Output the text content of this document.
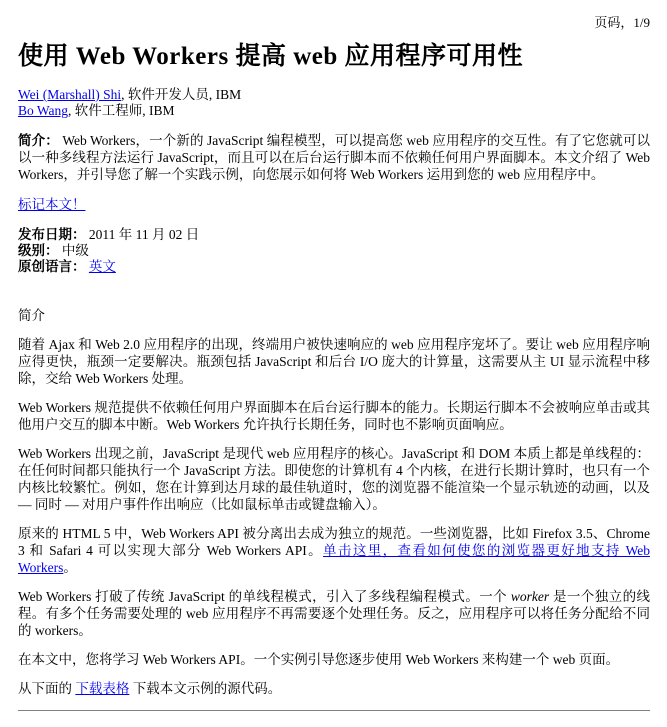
页码，1/9
使用 Web Workers 提高 web 应用程序可用性
Wei (Marshall) Shi, 软件开发人员, IBM
Bo Wang, 软件工程师, IBM
简介： Web Workers，一个新的 JavaScript 编程模型，可以提高您 web 应用程序的交互性。有了它您就可以以一种多线程方法运行 JavaScript，而且可以在后台运行脚本而不依赖任何用户界面脚本。本文介绍了 Web Workers，并引导您了解一个实践示例，向您展示如何将 Web Workers 运用到您的 web 应用程序中。
标记本文！
发布日期： 2011 年 11 月 02 日
级别： 中级
原创语言： 英文
简介

随着 Ajax 和 Web 2.0 应用程序的出现，终端用户被快速响应的 web 应用程序宠坏了。要让 web 应用程序响应得更快，瓶颈一定要解决。瓶颈包括 JavaScript 和后台 I/O 庞大的计算量，这需要从主 UI 显示流程中移除，交给 Web Workers 处理。

Web Workers 规范提供不依赖任何用户界面脚本在后台运行脚本的能力。长期运行脚本不会被响应单击或其他用户交互的脚本中断。Web Workers 允许执行长期任务，同时也不影响页面响应。

Web Workers 出现之前，JavaScript 是现代 web 应用程序的核心。JavaScript 和 DOM 本质上都是单线程的：在任何时间都只能执行一个 JavaScript 方法。即使您的计算机有 4 个内核，在进行长期计算时，也只有一个内核比较繁忙。例如，您在计算到达月球的最佳轨道时，您的浏览器不能渲染一个显示轨迹的动画，以及 — 同时 — 对用户事件作出响应（比如鼠标单击或键盘输入）。

原来的 HTML 5 中，Web Workers API 被分离出去成为独立的规范。一些浏览器，比如 Firefox 3.5、Chrome 3 和 Safari 4 可以实现大部分 Web Workers API。单击这里，查看如何使您的浏览器更好地支持 Web Workers。

Web Workers 打破了传统 JavaScript 的单线程模式，引入了多线程编程模式。一个 worker 是一个独立的线程。有多个任务需要处理的 web 应用程序不再需要逐个处理任务。反之，应用程序可以将任务分配给不同的 workers。

在本文中，您将学习 Web Workers API。一个实例引导您逐步使用 Web Workers 来构建一个 web 页面。

从下面的 下载表格 下载本文示例的源代码。
